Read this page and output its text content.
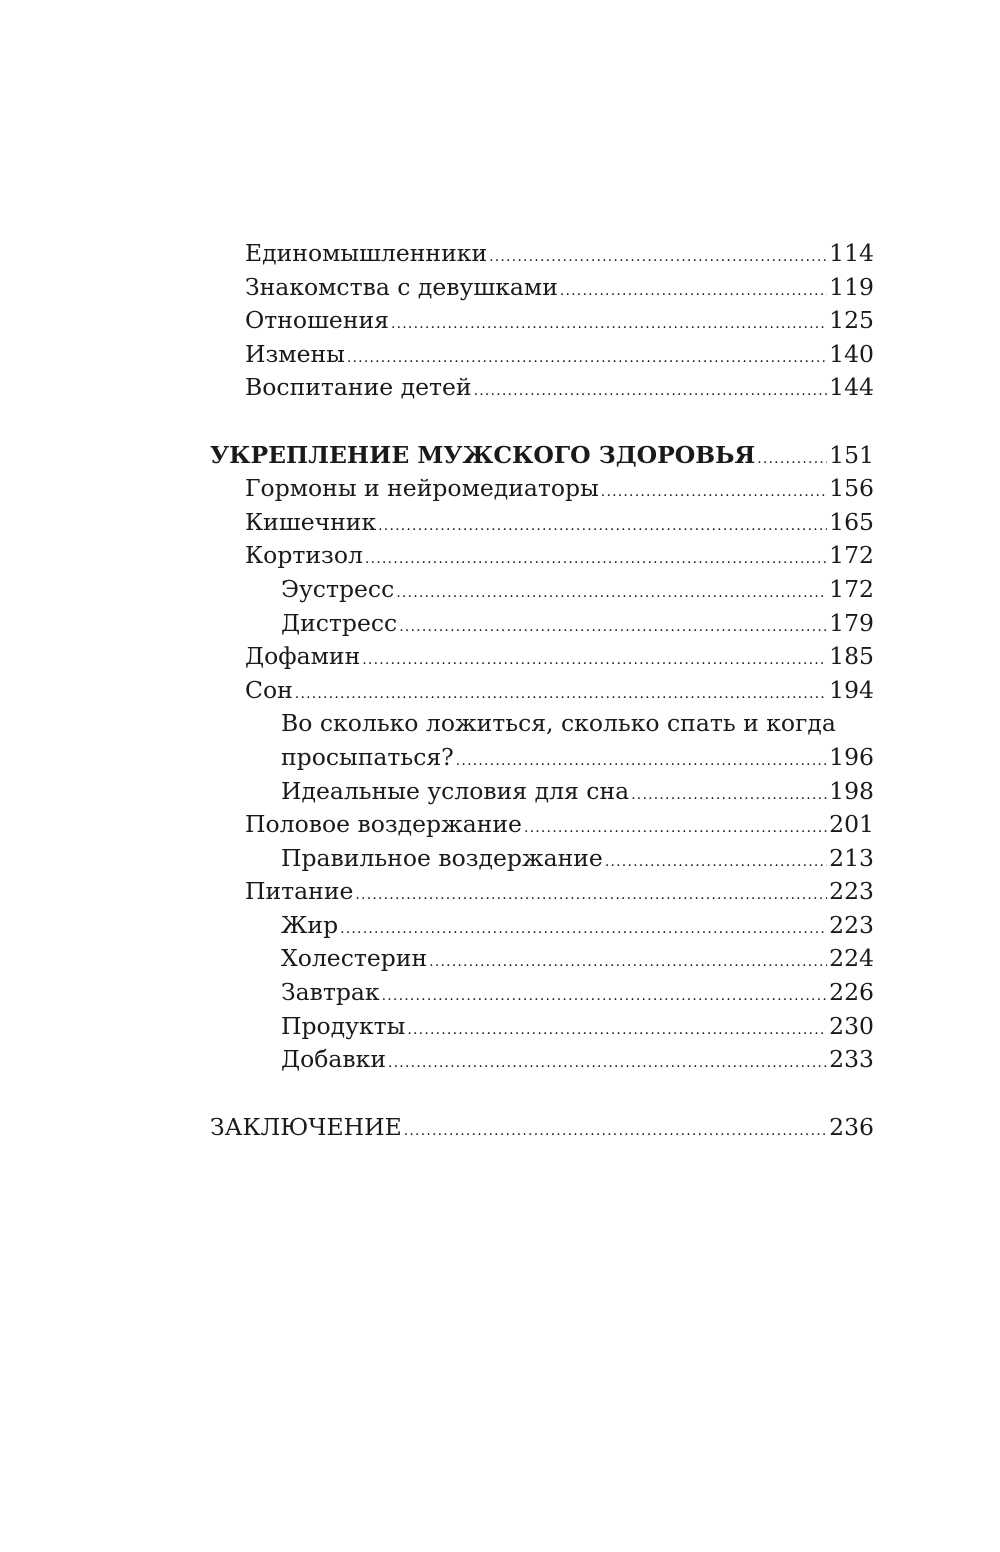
Единомышленники .....	114
Знакомства с девушками .....	119
Отношения .....	125
Измены .....	140
Воспитание детей .....	144
УКРЕПЛЕНИЕ МУЖСКОГО ЗДОРОВЬЯ .....	151
Гормоны и нейромедиаторы .....	156
Кишечник .....	165
Кортизол .....	172
Эустресс .....	172
Дистресс .....	179
Дофамин .....	185
Сон .....	194
Во сколько ложиться, сколько спать и когда
просыпаться? .....	196
Идеальные условия для сна .....	198
Половое воздержание .....	201
Правильное воздержание .....	213
Питание .....	223
Жир .....	223
Холестерин .....	224
Завтрак .....	226
Продукты .....	230
Добавки .....	233
ЗАКЛЮЧЕНИЕ .....	236
